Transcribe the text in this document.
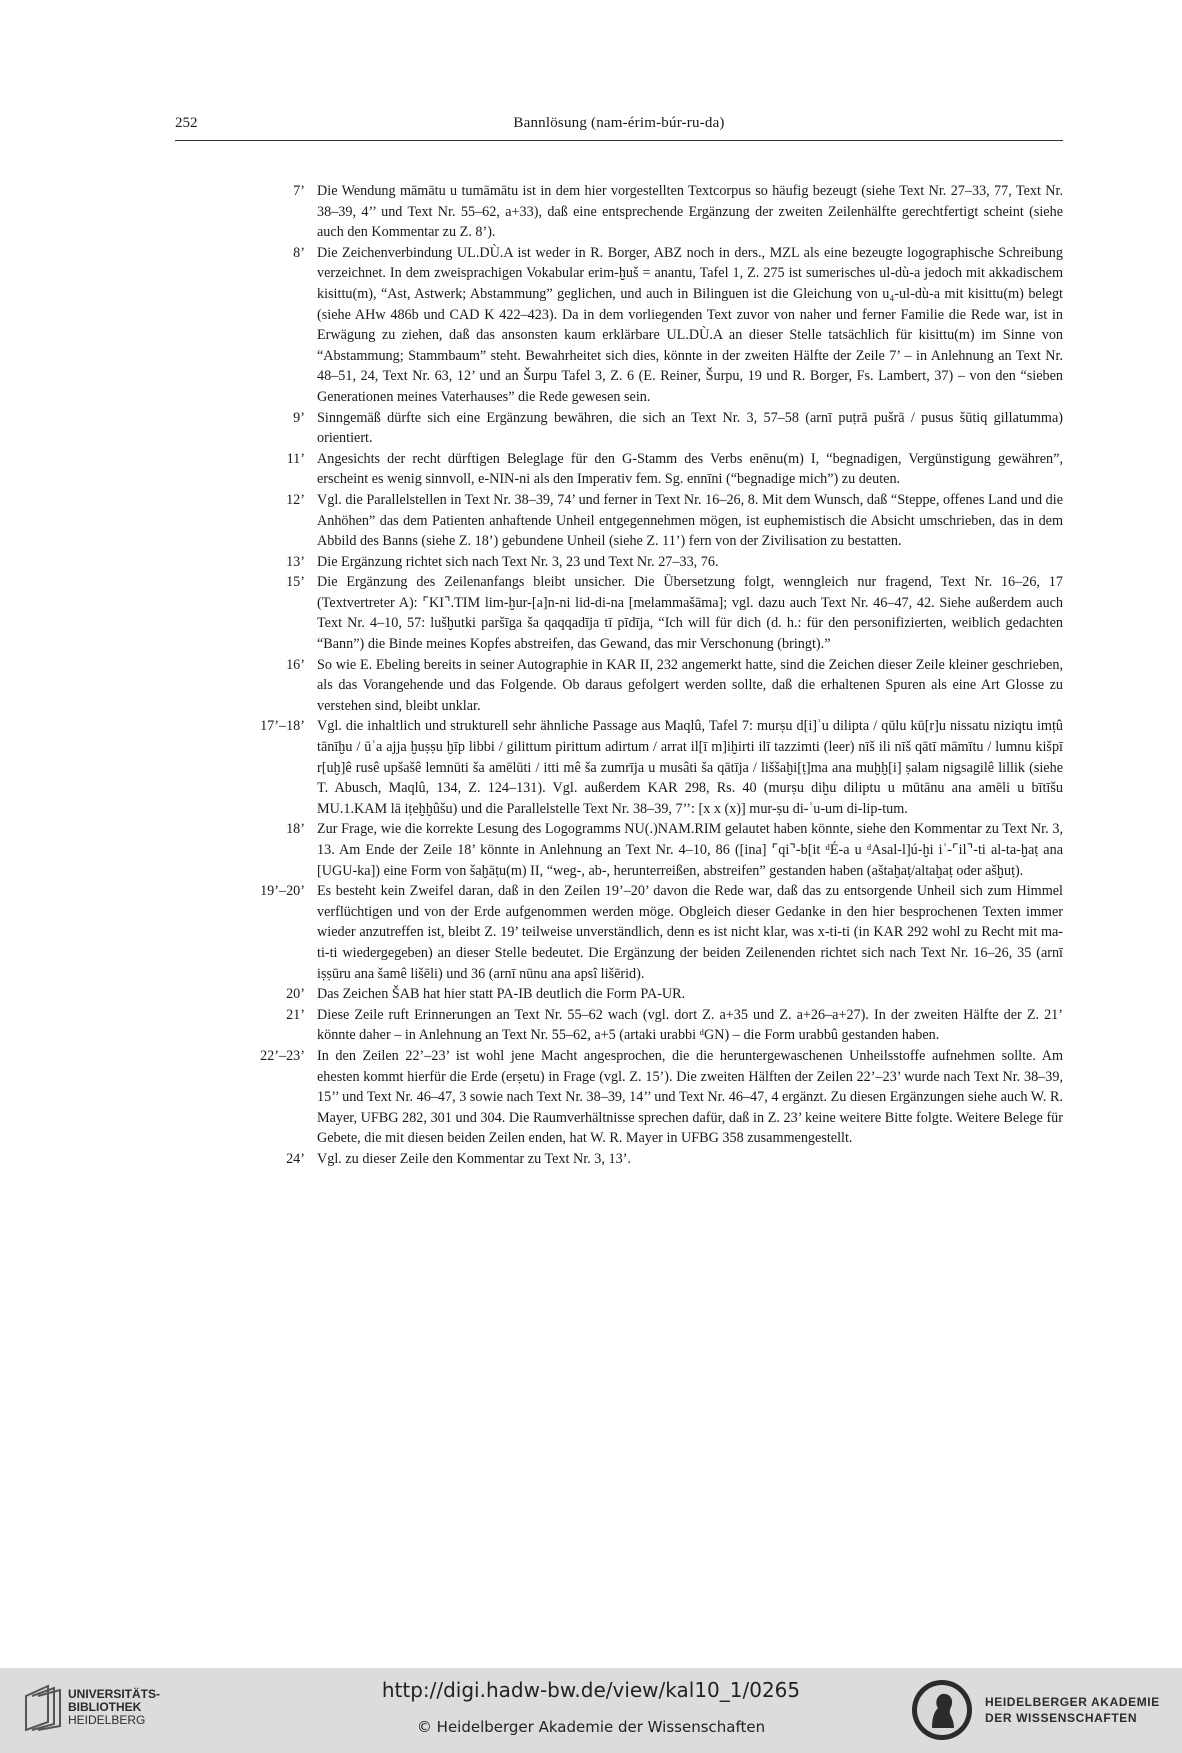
252	Bannlösung (nam-érim-búr-ru-da)

7’ Die Wendung māmātu u tumāmātu ist in dem hier vorgestellten Textcorpus so häufig bezeugt (siehe Text Nr. 27–33, 77, Text Nr. 38–39, 4’’ und Text Nr. 55–62, a+33), daß eine entsprechende Ergänzung der zweiten Zeilenhälfte gerechtfertigt scheint (siehe auch den Kommentar zu Z. 8’).

8’ Die Zeichenverbindung UL.DÙ.A ist weder in R. Borger, ABZ noch in ders., MZL als eine bezeugte logographische Schreibung verzeichnet. In dem zweisprachigen Vokabular erim-ḫuš = anantu, Tafel 1, Z. 275 ist sumerisches ul-dù-a jedoch mit akkadischem kisittu(m), “Ast, Astwerk; Abstammung” geglichen, und auch in Bilinguen ist die Gleichung von u₄-ul-dù-a mit kisittu(m) belegt (siehe AHw 486b und CAD K 422–423). Da in dem vorliegenden Text zuvor von naher und ferner Familie die Rede war, ist in Erwägung zu ziehen, daß das ansonsten kaum erklärbare UL.DÙ.A an dieser Stelle tatsächlich für kisittu(m) im Sinne von “Abstammung; Stammbaum” steht. Bewahrheitet sich dies, könnte in der zweiten Hälfte der Zeile 7’ – in Anlehnung an Text Nr. 48–51, 24, Text Nr. 63, 12’ und an Šurpu Tafel 3, Z. 6 (E. Reiner, Šurpu, 19 und R. Borger, Fs. Lambert, 37) – von den “sieben Generationen meines Vaterhauses” die Rede gewesen sein.

9’ Sinngemäß dürfte sich eine Ergänzung bewähren, die sich an Text Nr. 3, 57–58 (arnī puṭrā pušrā / pusus šūtiq gillatumma) orientiert.

11’ Angesichts der recht dürftigen Beleglage für den G-Stamm des Verbs enēnu(m) I, “begnadigen, Vergünstigung gewähren”, erscheint es wenig sinnvoll, e-NIN-ni als den Imperativ fem. Sg. ennīni (“begnadige mich”) zu deuten.

12’ Vgl. die Parallelstellen in Text Nr. 38–39, 74’ und ferner in Text Nr. 16–26, 8. Mit dem Wunsch, daß “Steppe, offenes Land und die Anhöhen” das dem Patienten anhaftende Unheil entgegennehmen mögen, ist euphemistisch die Absicht umschrieben, das in dem Abbild des Banns (siehe Z. 18’) gebundene Unheil (siehe Z. 11’) fern von der Zivilisation zu bestatten.

13’ Die Ergänzung richtet sich nach Text Nr. 3, 23 und Text Nr. 27–33, 76.

15’ Die Ergänzung des Zeilenanfangs bleibt unsicher. Die Übersetzung folgt, wenngleich nur fragend, Text Nr. 16–26, 17 (Textvertreter A): ⌜KI⌝.TIM lim-ḫur-[a]n-ni lid-di-na [melammašāma]; vgl. dazu auch Text Nr. 46–47, 42. Siehe außerdem auch Text Nr. 4–10, 57: lušḫutki paršīga ša qaqqadīja tī pīdīja, “Ich will für dich (d. h.: für den personifizierten, weiblich gedachten “Bann”) die Binde meines Kopfes abstreifen, das Gewand, das mir Verschonung (bringt).”

16’ So wie E. Ebeling bereits in seiner Autographie in KAR II, 232 angemerkt hatte, sind die Zeichen dieser Zeile kleiner geschrieben, als das Vorangehende und das Folgende. Ob daraus gefolgert werden sollte, daß die erhaltenen Spuren als eine Art Glosse zu verstehen sind, bleibt unklar.

17’–18’ Vgl. die inhaltlich und strukturell sehr ähnliche Passage aus Maqlû, Tafel 7: murṣu d[i]ʾu dilipta / qūlu kū[r]u nissatu niziqtu imṭû tānīḫu / ūʾa ajja ḫuṣṣu ḫīp libbi / gilittum pirittum adirtum / arrat il[ī m]iḫirti ilī tazzimti (leer) nīš ili nīš qātī māmītu / lumnu kišpī r[uḫ]ê rusê upšašê lemnūti ša amēlūti / itti mê ša zumrīja u musâti ša qātīja / liššaḫi[ṭ]ma ana muḫḫ[i] ṣalam nigsagilê lillik (siehe T. Abusch, Maqlû, 134, Z. 124–131). Vgl. außerdem KAR 298, Rs. 40 (murṣu diḫu diliptu u mūtānu ana amēli u bītīšu MU.1.KAM lā iṭeḫḫûšu) und die Parallelstelle Text Nr. 38–39, 7’’: [x x (x)] mur-ṣu di-ʾu-um di-lip-tum.

18’ Zur Frage, wie die korrekte Lesung des Logogramms NU(.)NAM.RIM gelautet haben könnte, siehe den Kommentar zu Text Nr. 3, 13. Am Ende der Zeile 18’ könnte in Anlehnung an Text Nr. 4–10, 86 ([ina] ⌜qi⌝-b[it ᵈÉ-a u ᵈAsal-l]ú-ḫi iʾ-⌜il⌝-ti al-ta-ḫaṭ ana [UGU-ka]) eine Form von šaḫāṭu(m) II, “weg-, ab-, herunterreißen, abstreifen” gestanden haben (aštaḫaṭ/altaḫaṭ oder ašḫuṭ).

19’–20’ Es besteht kein Zweifel daran, daß in den Zeilen 19’–20’ davon die Rede war, daß das zu entsorgende Unheil sich zum Himmel verflüchtigen und von der Erde aufgenommen werden möge. Obgleich dieser Gedanke in den hier besprochenen Texten immer wieder anzutreffen ist, bleibt Z. 19’ teilweise unverständlich, denn es ist nicht klar, was x-ti-ti (in KAR 292 wohl zu Recht mit ma-ti-ti wiedergegeben) an dieser Stelle bedeutet. Die Ergänzung der beiden Zeilenenden richtet sich nach Text Nr. 16–26, 35 (arnī iṣṣūru ana šamê lišēli) und 36 (arnī nūnu ana apsî lišērid).

20’ Das Zeichen ŠAB hat hier statt PA-IB deutlich die Form PA-UR.

21’ Diese Zeile ruft Erinnerungen an Text Nr. 55–62 wach (vgl. dort Z. a+35 und Z. a+26–a+27). In der zweiten Hälfte der Z. 21’ könnte daher – in Anlehnung an Text Nr. 55–62, a+5 (artaki urabbi ᵈGN) – die Form urabbû gestanden haben.

22’–23’ In den Zeilen 22’–23’ ist wohl jene Macht angesprochen, die die heruntergewaschenen Unheilsstoffe aufnehmen sollte. Am ehesten kommt hierfür die Erde (erṣetu) in Frage (vgl. Z. 15’). Die zweiten Hälften der Zeilen 22’–23’ wurde nach Text Nr. 38–39, 15’’ und Text Nr. 46–47, 3 sowie nach Text Nr. 38–39, 14’’ und Text Nr. 46–47, 4 ergänzt. Zu diesen Ergänzungen siehe auch W. R. Mayer, UFBG 282, 301 und 304. Die Raumverhältnisse sprechen dafür, daß in Z. 23’ keine weitere Bitte folgte. Weitere Belege für Gebete, die mit diesen beiden Zeilen enden, hat W. R. Mayer in UFBG 358 zusammengestellt.

24’ Vgl. zu dieser Zeile den Kommentar zu Text Nr. 3, 13’.

UNIVERSITÄTS-
BIBLIOTHEK
HEIDELBERG
http://digi.hadw-bw.de/view/kal10_1/0265
© Heidelberger Akademie der Wissenschaften
HEIDELBERGER AKADEMIE
DER WISSENSCHAFTEN
